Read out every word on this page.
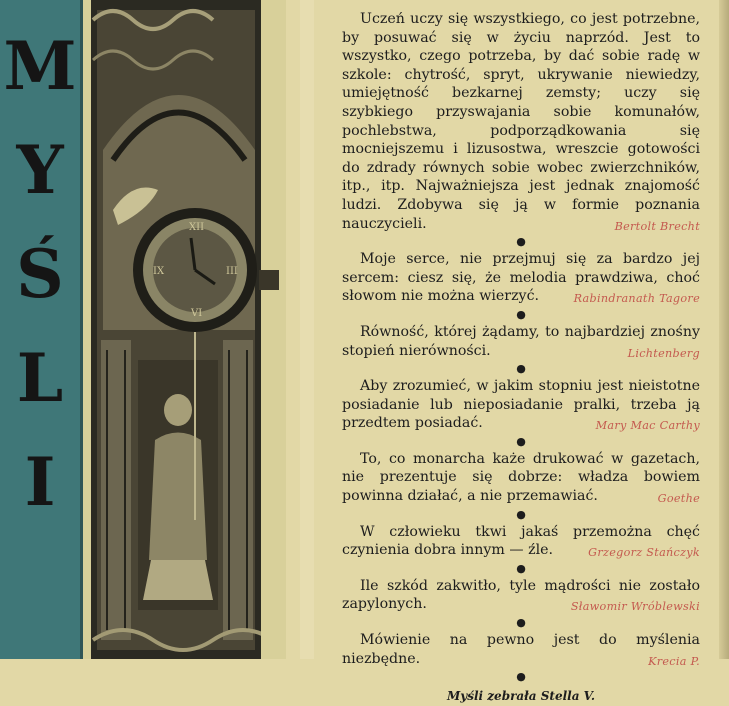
M
Y
Ś
L
I
XII
III
VI
IX

Uczeń uczy się wszystkiego, co jest potrzebne, by posuwać się w życiu naprzód. Jest to wszystko, czego potrzeba, by dać sobie radę w szkole: chytrość, spryt, ukrywanie niewiedzy, umiejętność bezkarnej zemsty; uczy się szybkiego przyswajania sobie komunałów, pochlebstwa, podporządkowania się mocniejszemu i lizusostwa, wreszcie gotowości do zdrady równych sobie wobec zwierzchników, itp., itp. Najważniejsza jest jednak znajomość ludzi. Zdobywa się ją w formie poznania nauczycieli.	Bertolt Brecht

●

Moje serce, nie przejmuj się za bardzo jej sercem: ciesz się, że melodia prawdziwa, choć słowom nie można wierzyć.	Rabindranath Tagore

●

Równość, której żądamy, to najbardziej znośny stopień nierówności.	Lichtenberg

●

Aby zrozumieć, w jakim stopniu jest nieistotne posiadanie lub nieposiadanie pralki, trzeba ją przedtem posiadać.	Mary Mac Carthy

●

To, co monarcha każe drukować w gazetach, nie prezentuje się dobrze: władza bowiem powinna działać, a nie przemawiać.	Goethe

●

W człowieku tkwi jakaś przemożna chęć czynienia dobra innym — źle.	Grzegorz Stańczyk

●

Ile szkód zakwitło, tyle mądrości nie zostało zapylonych.	Sławomir Wróblewski

●

Mówienie na pewno jest do myślenia niezbędne.	Krecia P.

●
Myśli zebrała Stella V.
